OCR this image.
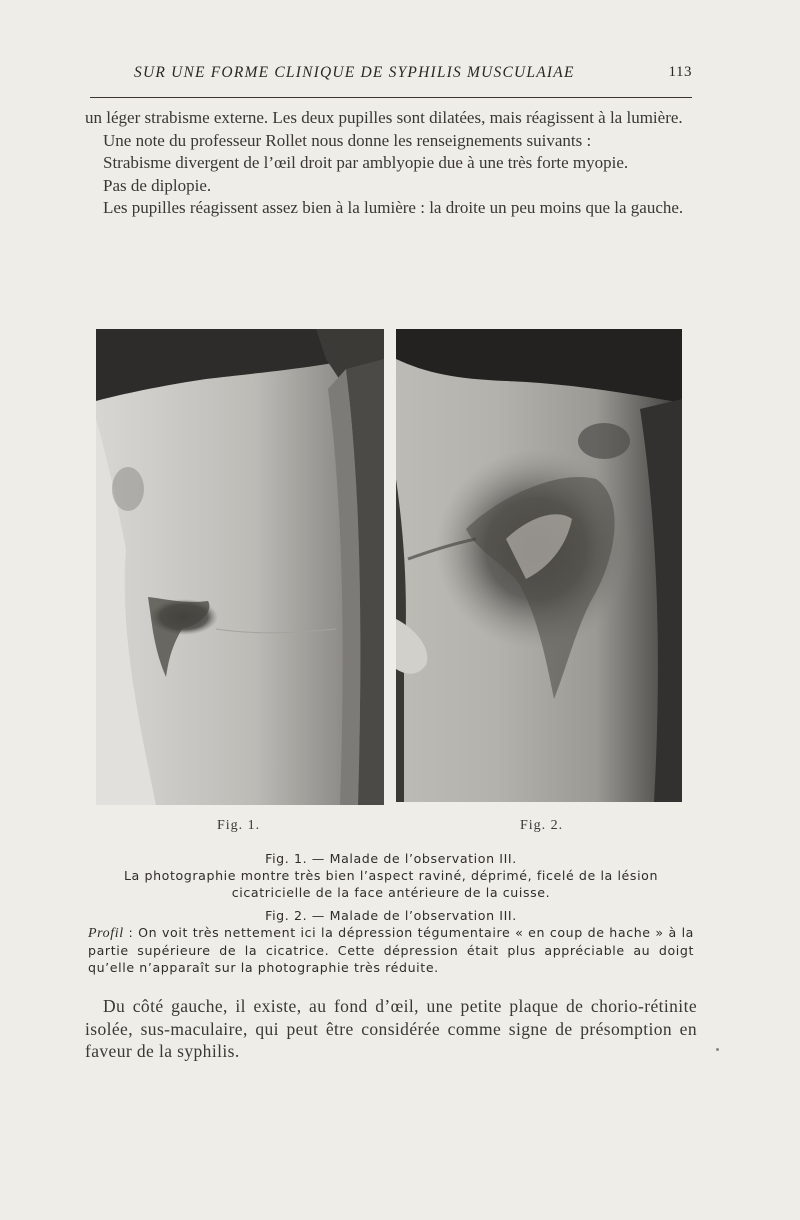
SUR UNE FORME CLINIQUE DE SYPHILIS MUSCULAIAE	113

un léger strabisme externe. Les deux pupilles sont dilatées, mais réagissent à la lumière.

Une note du professeur Rollet nous donne les renseignements suivants :

Strabisme divergent de l’œil droit par amblyopie due à une très forte myopie.

Pas de diplopie.

Les pupilles réagissent assez bien à la lumière : la droite un peu moins que la gauche.

Fig. 1.	Fig. 2.

Fig. 1. — Malade de l’observation III.

La photographie montre très bien l’aspect raviné, déprimé, ficelé de la lésion cicatricielle de la face antérieure de la cuisse.

Fig. 2. — Malade de l’observation III.

Profil : On voit très nettement ici la dépression tégumentaire « en coup de hache » à la partie supérieure de la cicatrice. Cette dépression était plus appréciable au doigt qu’elle n’apparaît sur la photographie très réduite.

Du côté gauche, il existe, au fond d’œil, une petite plaque de chorio-rétinite isolée, sus-maculaire, qui peut être considérée comme signe de présomption en faveur de la syphilis.
